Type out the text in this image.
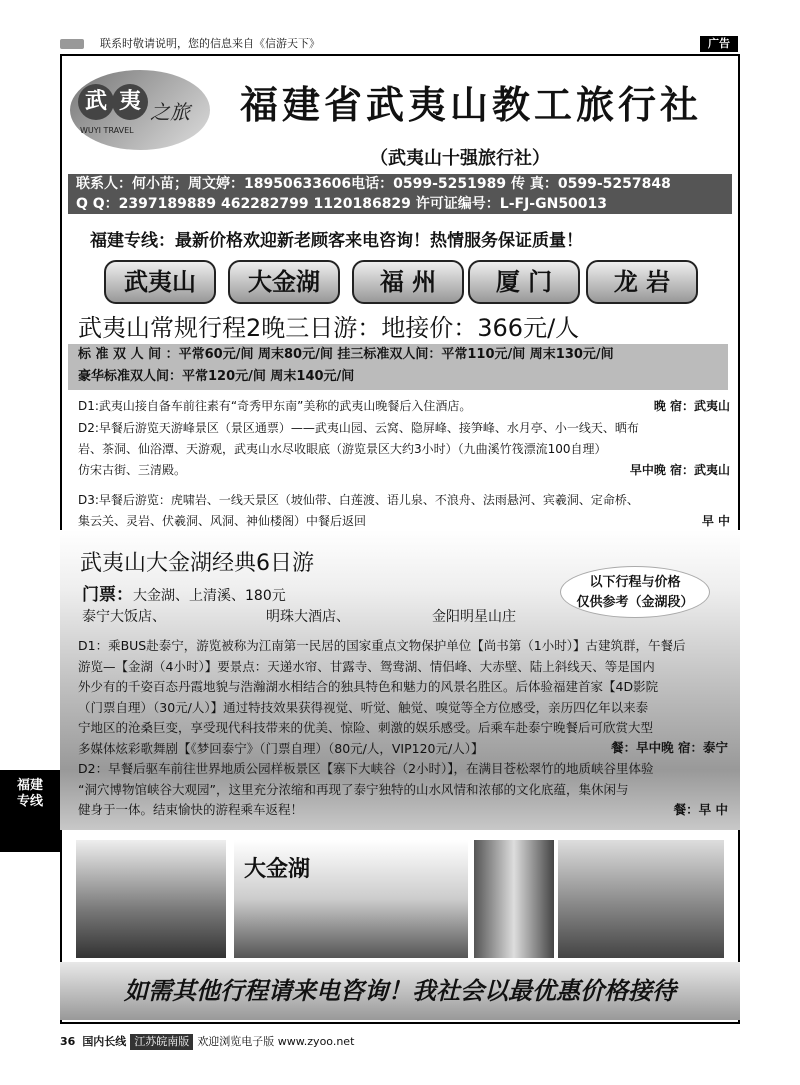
联系时敬请说明，您的信息来自《信游天下》	广告
武 夷 之旅
WUYI TRAVEL
福建省武夷山教工旅行社
（武夷山十强旅行社）
联系人：何小苗；周文婷：18950633606电话：0599-5251989 传 真：0599-5257848
Q Q：2397189889 462282799 1120186829 许可证编号：L-FJ-GN50013
福建专线：最新价格欢迎新老顾客来电咨询！热情服务保证质量！
武夷山	大金湖	福 州	厦 门	龙 岩
武夷山常规行程2晚三日游：地接价：366元/人
标 准 双 人 间 ：平常60元/间 周末80元/间 挂三标准双人间：平常110元/间 周末130元/间
豪华标准双人间：平常120元/间 周末140元/间
D1:武夷山接自备车前往素有“奇秀甲东南”美称的武夷山晚餐后入住酒店。	晚 宿：武夷山
D2:早餐后游览天游峰景区（景区通票）——武夷山园、云窝、隐屏峰、接笋峰、水月亭、小一线天、晒布
岩、茶洞、仙浴潭、天游观，武夷山水尽收眼底（游览景区大约3小时）（九曲溪竹筏漂流100自理）
仿宋古街、三清殿。	早中晚 宿：武夷山
D3:早餐后游览：虎啸岩、一线天景区（坡仙带、白莲渡、语儿泉、不浪舟、法雨悬河、宾羲洞、定命桥、
集云关、灵岩、伏羲洞、风洞、神仙楼阁）中餐后返回	早 中
武夷山大金湖经典6日游
门票：大金湖、上清溪、180元
泰宁大饭店、	明珠大酒店、	金阳明星山庄
以下行程与价格
仅供参考（金湖段）

D1：乘BUS赴泰宁，游览被称为江南第一民居的国家重点文物保护单位【尚书第（1小时）】古建筑群，午餐后

游览—【金湖（4小时）】要景点：天递水帘、甘露寺、鸳鸯湖、情侣峰、大赤壁、陆上斜线天、等是国内

外少有的千姿百态丹霞地貌与浩瀚湖水相结合的独具特色和魅力的风景名胜区。后体验福建首家【4D影院

（门票自理）（30元/人）】通过特技效果获得视觉、听觉、触觉、嗅觉等全方位感受，亲历四亿年以来泰

宁地区的沧桑巨变，享受现代科技带来的优美、惊险、刺激的娱乐感受。后乘车赴泰宁晚餐后可欣赏大型

多媒体炫彩歌舞剧【《梦回泰宁》（门票自理）（80元/人，VIP120元/人）】	餐：早中晚 宿：泰宁

D2：早餐后驱车前往世界地质公园样板景区【寨下大峡谷（2小时）】，在满目苍松翠竹的地质峡谷里体验

“洞穴博物馆峡谷大观园”，这里充分浓缩和再现了泰宁独特的山水风情和浓郁的文化底蕴，集休闲与

健身于一体。结束愉快的游程乘车返程！	餐：早 中
福建
专线
大金湖
如需其他行程请来电咨询！我社会以最优惠价格接待
36 国内长线 江苏皖南版 欢迎浏览电子版 www.zyoo.net
